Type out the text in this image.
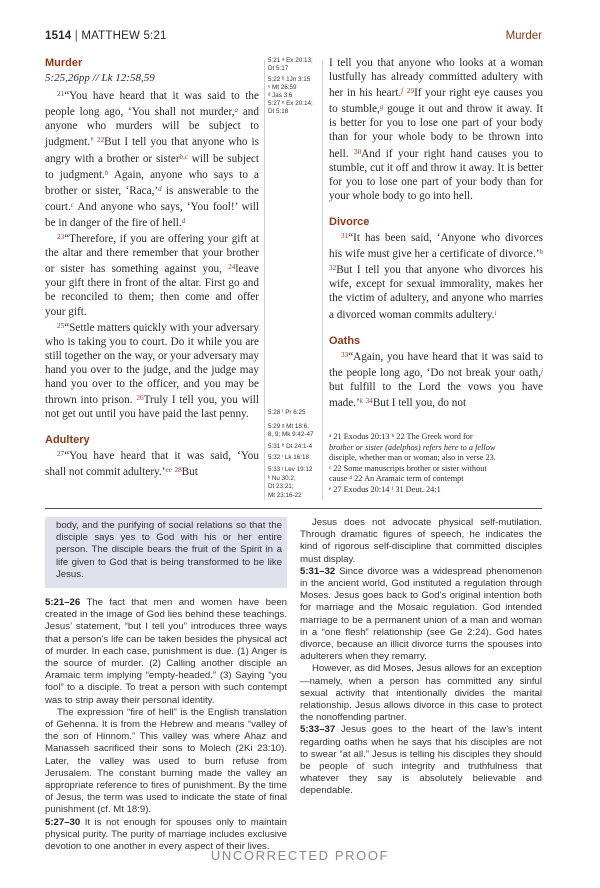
1514 | MATTHEW 5:21	Murder

Murder

5:25,26pp // Lk 12:58,59

$^{21}$“You have heard that it was said to the people long ago, ‘You shall not murder,$^a$ and anyone who murders will be subject to judgment.’ $^{22}$But I tell you that anyone who is angry with a brother or sister$^{b,c}$ will be subject to judgment.$^b$ Again, anyone who says to a brother or sister, ‘Raca,’$^d$ is answerable to the court.$^c$ And anyone who says, ‘You fool!’ will be in danger of the fire of hell.$^d$

$^{23}$“Therefore, if you are offering your gift at the altar and there remember that your brother or sister has something against you, $^{24}$leave your gift there in front of the altar. First go and be reconciled to them; then come and offer your gift.

$^{25}$“Settle matters quickly with your adversary who is taking you to court. Do it while you are still together on the way, or your adversary may hand you over to the judge, and the judge may hand you over to the officer, and you may be thrown into prison. $^{26}$Truly I tell you, you will not get out until you have paid the last penny.

Adultery

$^{27}$“You have heard that it was said, ‘You shall not commit adultery.’$^{ee}$ $^{28}$But

5:21 ᵃ Ex 20:13;
Dt 5:17
5:22 ᵇ 1Jn 3:15
ᶜ Mt 26:59
ᵈ Jas 3:6
5:27 ᵉ Ex 20:14;
Dt 5:18
5:28 ᶠ Pr 6:25
5:29 ᵍ Mt 18:6,
8, 9; Mk 9:42-47
5:31 ʰ Dt 24:1-4
5:32 ⁱ Lk 16:18
5:33 ʲ Lev 19:12
ᵏ Nu 30:2;
Dt 23:21;
Mt 23:16-22

I tell you that anyone who looks at a woman lustfully has already committed adultery with her in his heart.$^f$ $^{29}$If your right eye causes you to stumble,$^g$ gouge it out and throw it away. It is better for you to lose one part of your body than for your whole body to be thrown into hell. $^{30}$And if your right hand causes you to stumble, cut it off and throw it away. It is better for you to lose one part of your body than for your whole body to go into hell.

Divorce

$^{31}$“It has been said, ‘Anyone who divorces his wife must give her a certificate of divorce.’$^h$ $^{32}$But I tell you that anyone who divorces his wife, except for sexual immorality, makes her the victim of adultery, and anyone who marries a divorced woman commits adultery.$^i$

Oaths

$^{33}$“Again, you have heard that it was said to the people long ago, ‘Do not break your oath,$^j$ but fulfill to the Lord the vows you have made.’$^k$ $^{34}$But I tell you, do not

ᵃ 21 Exodus 20:13 ᵇ 22 The Greek word for

brother or sister (adelphos) refers here to a fellow

disciple, whether man or woman; also in verse 23.

ᶜ 22 Some manuscripts brother or sister without

cause ᵈ 22 An Aramaic term of contempt

ᵉ 27 Exodus 20:14 ᶠ 31 Deut. 24:1

body, and the purifying of social relations so that the disciple says yes to God with his or her entire person. The disciple bears the fruit of the Spirit in a life given to God that is being transformed to be like Jesus.

5:21–26 The fact that men and women have been created in the image of God lies behind these teachings. Jesus’ statement, “but I tell you” introduces three ways that a person’s life can be taken besides the physical act of murder. In each case, punishment is due. (1) Anger is the source of murder. (2) Calling another disciple an Aramaic term implying “empty-headed.” (3) Saying “you fool” to a disciple. To treat a person with such contempt was to strip away their personal identity.

The expression “fire of hell” is the English translation of Gehenna. It is from the Hebrew and means “valley of the son of Hinnom.” This valley was where Ahaz and Manasseh sacrificed their sons to Molech (2Ki 23:10). Later, the valley was used to burn refuse from Jerusalem. The constant burning made the valley an appropriate reference to fires of punishment. By the time of Jesus, the term was used to indicate the state of final punishment (cf. Mt 18:9).

5:27–30 It is not enough for spouses only to maintain physical purity. The purity of marriage includes exclusive devotion to one another in every aspect of their lives.

Jesus does not advocate physical self-mutilation. Through dramatic figures of speech, he indicates the kind of rigorous self-discipline that committed disciples must display.

5:31–32 Since divorce was a widespread phenomenon in the ancient world, God instituted a regulation through Moses. Jesus goes back to God’s original intention both for marriage and the Mosaic regulation. God intended marriage to be a permanent union of a man and woman in a “one flesh” relationship (see Ge 2:24). God hates divorce, because an illicit divorce turns the spouses into adulterers when they remarry.

However, as did Moses, Jesus allows for an exception—namely, when a person has committed any sinful sexual activity that intentionally divides the marital relationship. Jesus allows divorce in this case to protect the nonoffending partner.

5:33–37 Jesus goes to the heart of the law’s intent regarding oaths when he says that his disciples are not to swear “at all.” Jesus is telling his disciples they should be people of such integrity and truthfulness that whatever they say is absolutely believable and dependable.

UNCORRECTED PROOF
